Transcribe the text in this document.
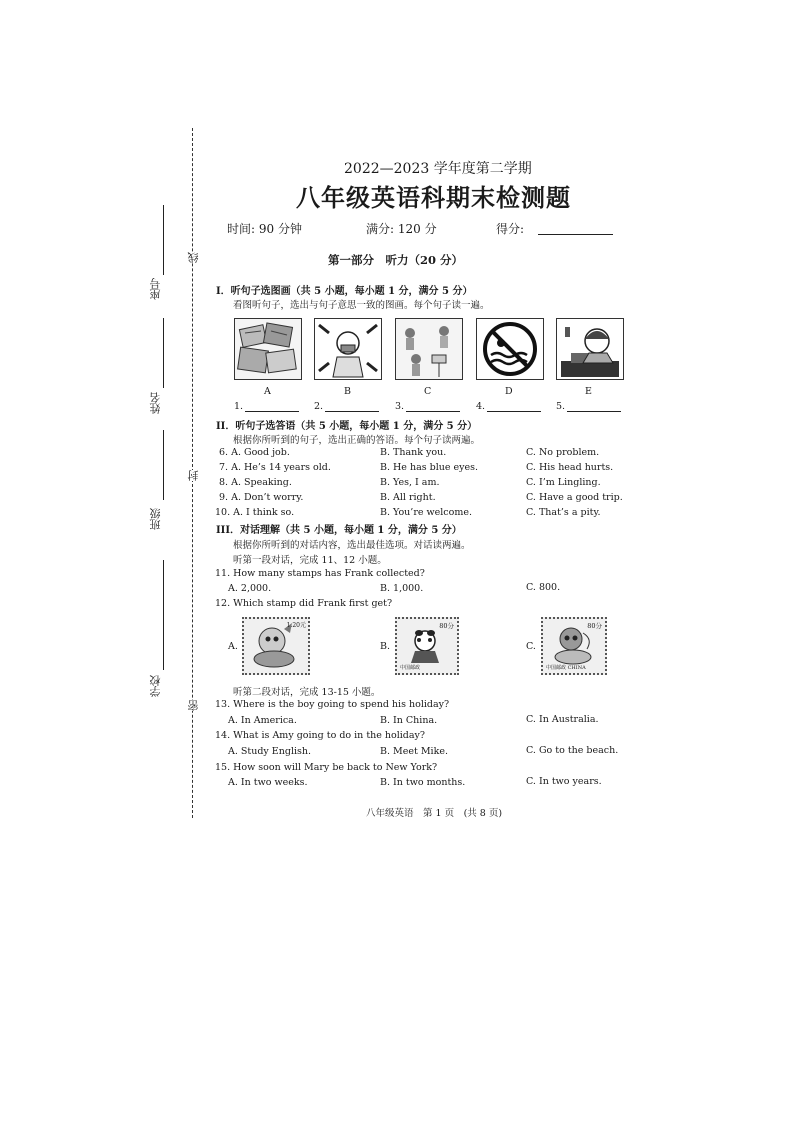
座号
线
姓名
封
班级
学校
密
2022—2023 学年度第二学期
八年级英语科期末检测题
时间: 90 分钟	满分: 120 分	得分:
第一部分　听力（20 分）
I．听句子选图画（共 5 小题，每小题 1 分，满分 5 分）
看图听句子，选出与句子意思一致的图画。每个句子读一遍。
A	B	C	D	E
1.	2.	3.	4.	5.
II．听句子选答语（共 5 小题，每小题 1 分，满分 5 分）
根据你所听到的句子，选出正确的答语。每个句子读两遍。
6. A. Good job.	B. Thank you.	C. No problem.
7. A. He’s 14 years old.	B. He has blue eyes.	C. His head hurts.
8. A. Speaking.	B. Yes, I am.	C. I’m Lingling.
9. A. Don’t worry.	B. All right.	C. Have a good trip.
10. A. I think so.	B. You’re welcome.	C. That’s a pity.
III．对话理解（共 5 小题，每小题 1 分，满分 5 分）
根据你所听到的对话内容，选出最佳选项。对话读两遍。
听第一段对话，完成 11、12 小题。
11. How many stamps has Frank collected?
A. 2,000.	B. 1,000.	C. 800.
12. Which stamp did Frank first get?
A.
1.20元
B.
80分
中国邮政
C.
80分
中国邮政 CHINA
听第二段对话，完成 13-15 小题。
13. Where is the boy going to spend his holiday?
A. In America.	B. In China.	C. In Australia.
14. What is Amy going to do in the holiday?
A. Study English.	B. Meet Mike.	C. Go to the beach.
15. How soon will Mary be back to New York?
A. In two weeks.	B. In two months.	C. In two years.
八年级英语　第 1 页　(共 8 页)
